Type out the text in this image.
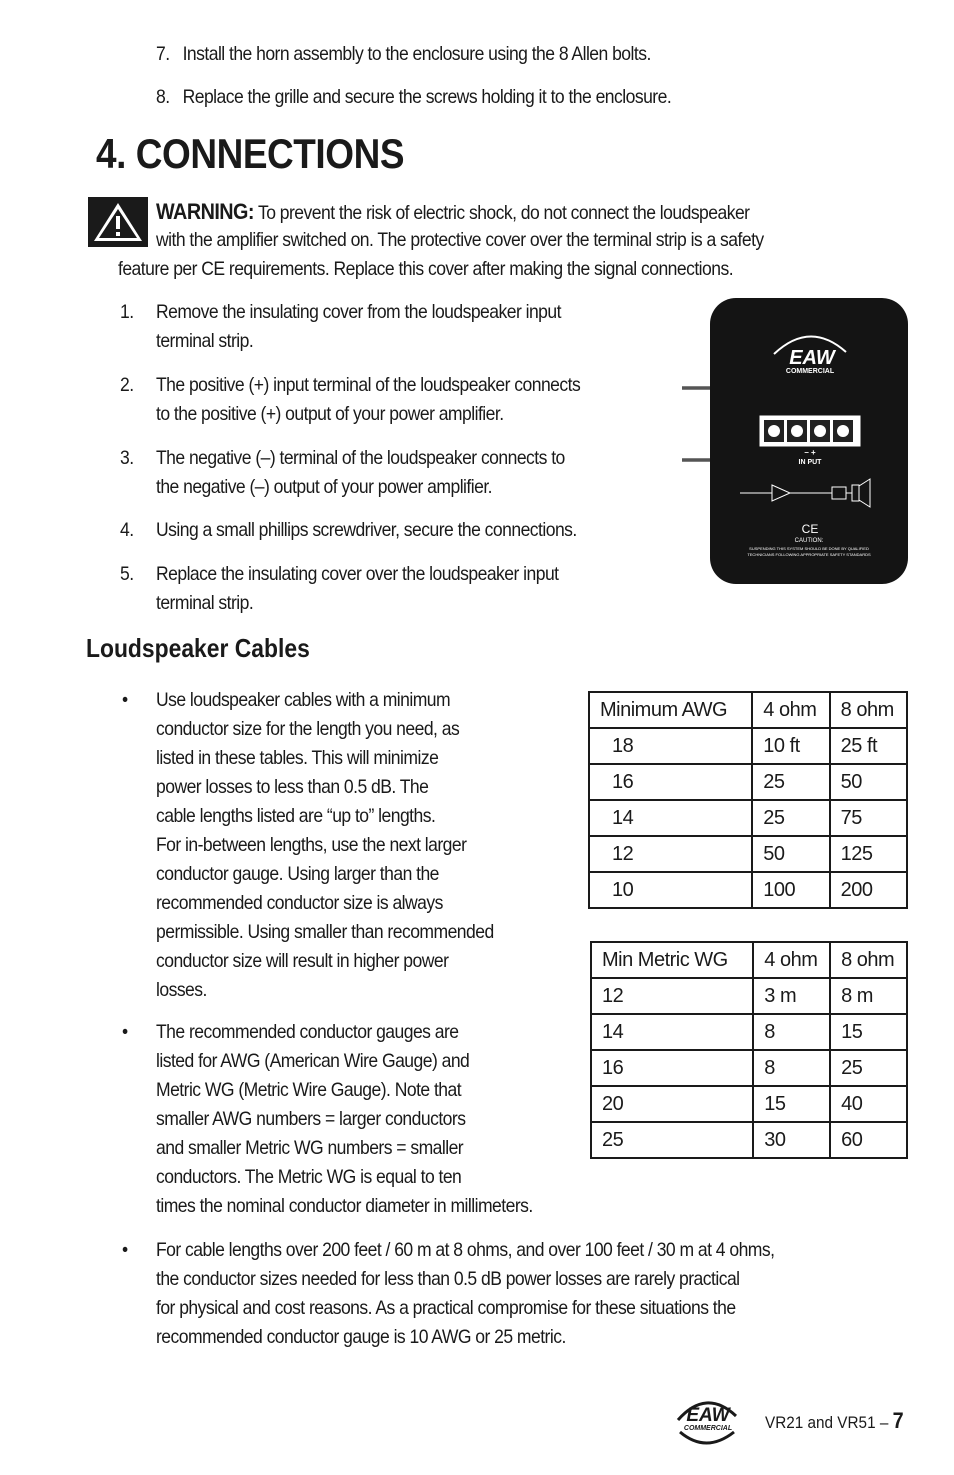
7. Install the horn assembly to the enclosure using the 8 Allen bolts.
8. Replace the grille and secure the screws holding it to the enclosure.
4. CONNECTIONS
WARNING: To prevent the risk of electric shock, do not connect the loudspeaker
with the amplifier switched on. The protective cover over the terminal strip is a safety
feature per CE requirements. Replace this cover after making the signal connections.
1. Remove the insulating cover from the loudspeaker input
terminal strip.
2. The positive (+) input terminal of the loudspeaker connects
to the positive (+) output of your power amplifier.
3. The negative (–) terminal of the loudspeaker connects to
the negative (–) output of your power amplifier.
4. Using a small phillips screwdriver, secure the connections.
5. Replace the insulating cover over the loudspeaker input
terminal strip.
EAW
COMMERCIAL
– +
IN PUT
CE
CAUTION:
SUSPENDING THIS SYSTEM SHOULD BE DONE BY QUALIFIED
TECHNICIANS FOLLOWING APPROPRIATE SAFETY STANDARDS
Loudspeaker Cables
• Use loudspeaker cables with a minimum
conductor size for the length you need, as
listed in these tables. This will minimize
power losses to less than 0.5 dB. The
cable lengths listed are “up to” lengths.
For in-between lengths, use the next larger
conductor gauge. Using larger than the
recommended conductor size is always
permissible. Using smaller than recommended
conductor size will result in higher power
losses.
• The recommended conductor gauges are
listed for AWG (American Wire Gauge) and
Metric WG (Metric Wire Gauge). Note that
smaller AWG numbers = larger conductors
and smaller Metric WG numbers = smaller
conductors. The Metric WG is equal to ten
times the nominal conductor diameter in millimeters.
• For cable lengths over 200 feet / 60 m at 8 ohms, and over 100 feet / 30 m at 4 ohms,
the conductor sizes needed for less than 0.5 dB power losses are rarely practical
for physical and cost reasons. As a practical compromise for these situations the
recommended conductor gauge is 10 AWG or 25 metric.
Minimum AWG	4 ohm	8 ohm
18	10 ft	25 ft
16	25	50
14	25	75
12	50	125
10	100	200
Min Metric WG	4 ohm	8 ohm
12	3 m	8 m
14	8	15
16	8	25
20	15	40
25	30	60
EAW
COMMERCIAL	VR21 and VR51 – 7
